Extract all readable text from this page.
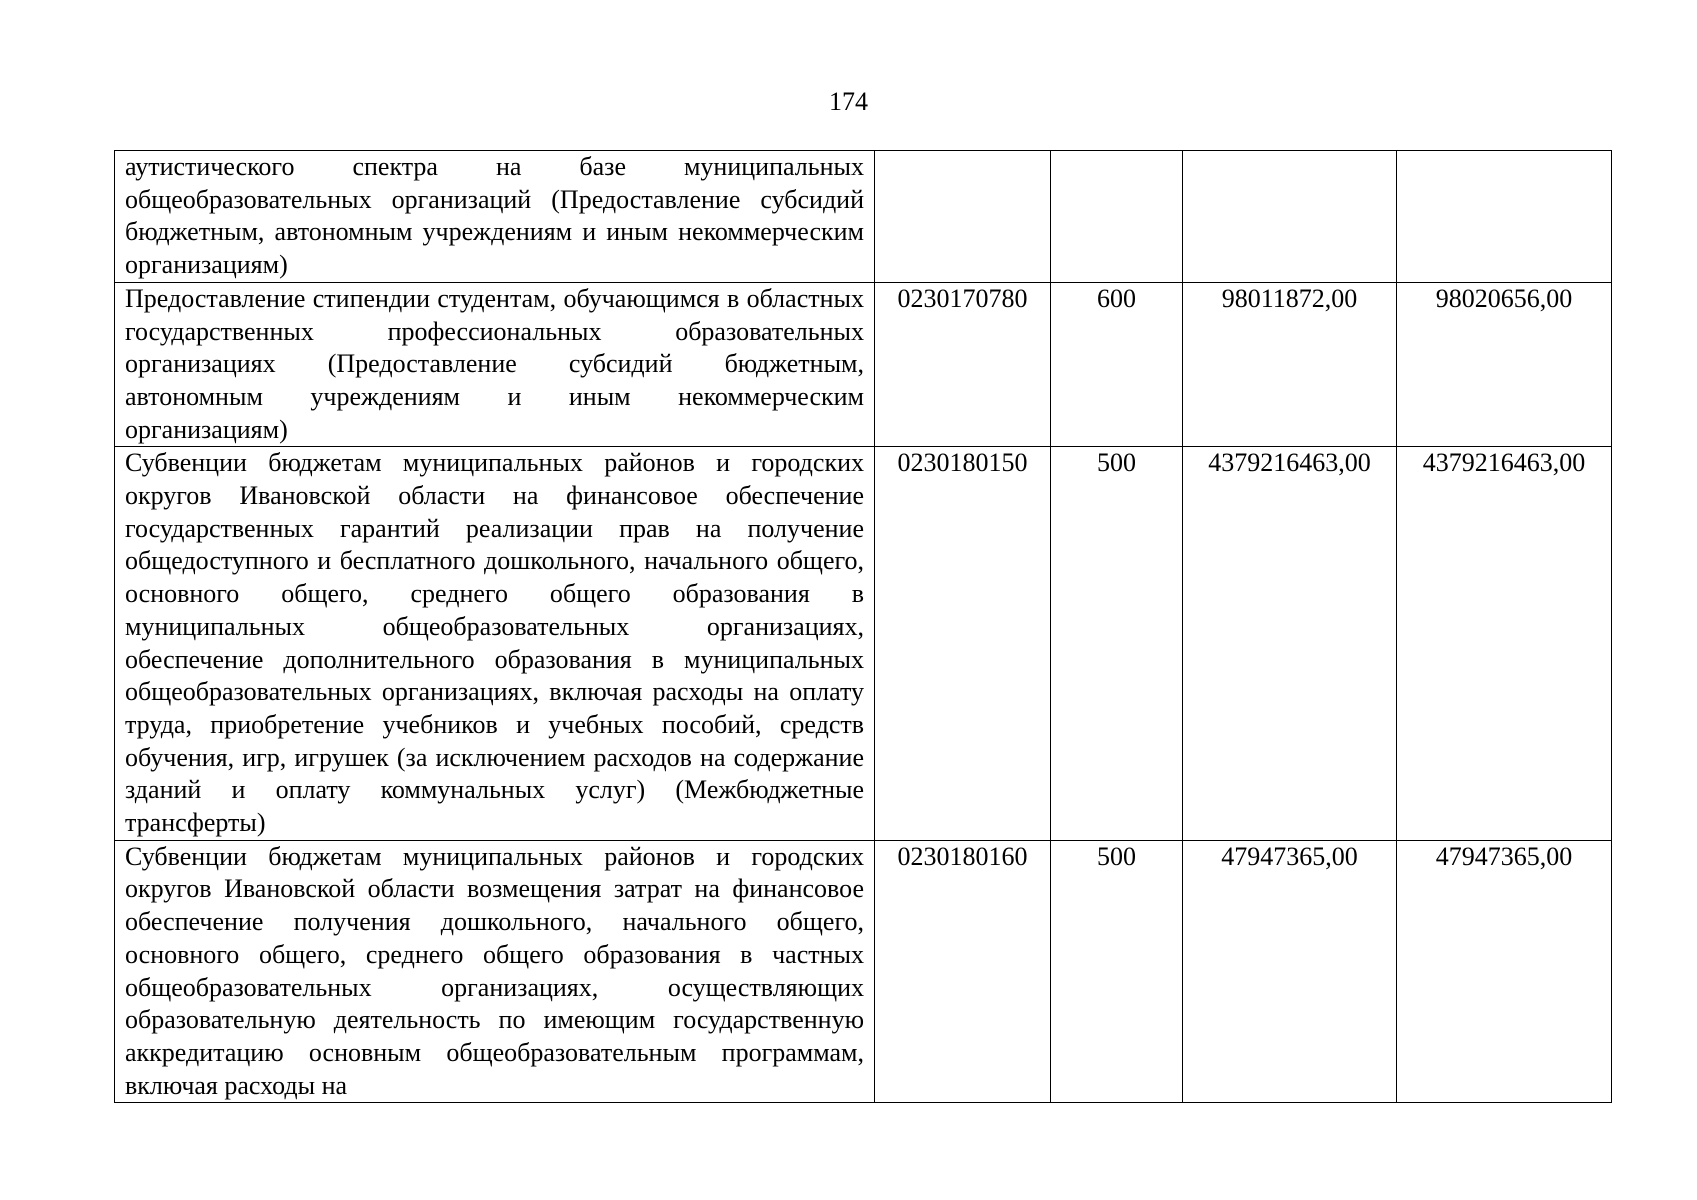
174
аутистического спектра на базе муниципальных общеобразовательных организаций (Предоставление субсидий бюджетным, автономным учреждениям и иным некоммерческим организациям)				
Предоставление стипендии студентам, обучающимся в областных государственных профессиональных образовательных организациях (Предоставление субсидий бюджетным, автономным учреждениям и иным некоммерческим организациям)	0230170780	600	98011872,00	98020656,00
Субвенции бюджетам муниципальных районов и городских округов Ивановской области на финансовое обеспечение государственных гарантий реализации прав на получение общедоступного и бесплатного дошкольного, начального общего, основного общего, среднего общего образования в муниципальных общеобразовательных организациях, обеспечение дополнительного образования в муниципальных общеобразовательных организациях, включая расходы на оплату труда, приобретение учебников и учебных пособий, средств обучения, игр, игрушек (за исключением расходов на содержание зданий и оплату коммунальных услуг) (Межбюджетные трансферты)	0230180150	500	4379216463,00	4379216463,00
Субвенции бюджетам муниципальных районов и городских округов Ивановской области возмещения затрат на финансовое обеспечение получения дошкольного, начального общего, основного общего, среднего общего образования в частных общеобразовательных организациях, осуществляющих образовательную деятельность по имеющим государственную аккредитацию основным общеобразовательным программам, включая расходы на	0230180160	500	47947365,00	47947365,00
